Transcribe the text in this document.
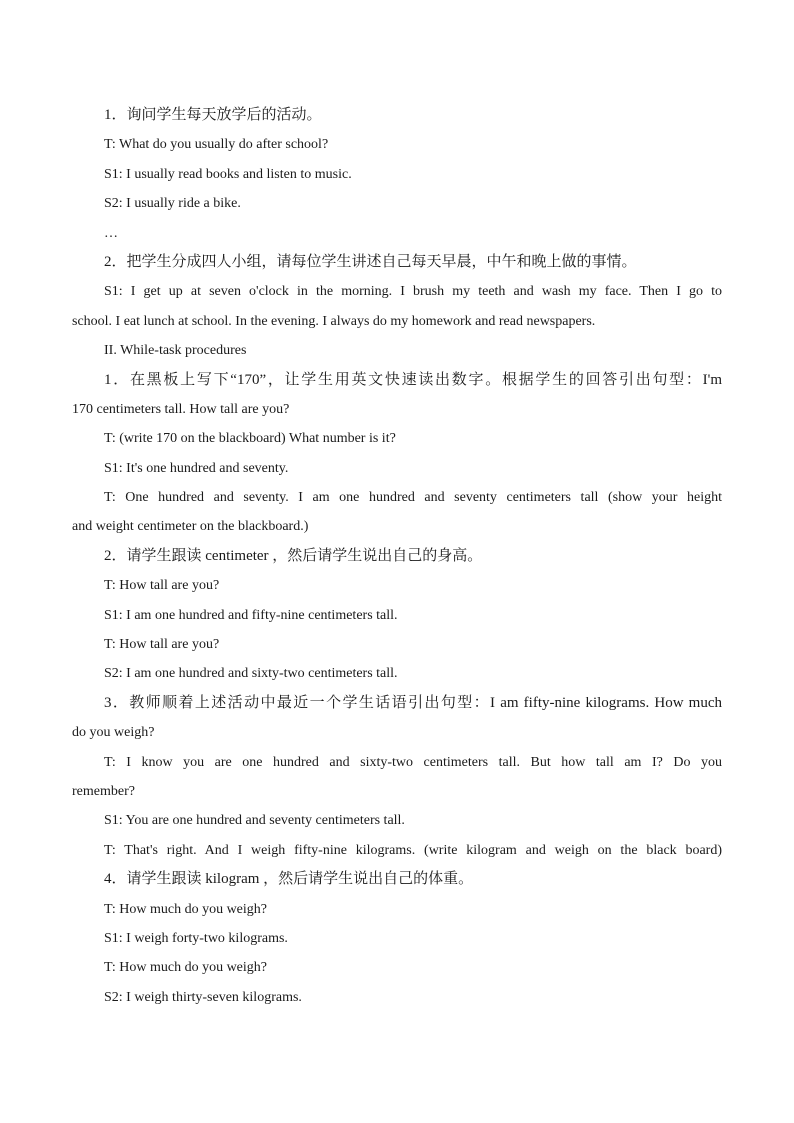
1．询问学生每天放学后的活动。
T: What do you usually do after school?
S1: I usually read books and listen to music.
S2: I usually ride a bike.
…
2．把学生分成四人小组，请每位学生讲述自己每天早晨，中午和晚上做的事情。
S1: I get up at seven o'clock in the morning. I brush my teeth and wash my face. Then I go to
school. I eat lunch at school. In the evening. I always do my homework and read newspapers.
II. While-task procedures
1．在黑板上写下“170”，让学生用英文快速读出数字。根据学生的回答引出句型：I'm
170 centimeters tall. How tall are you?
T: (write 170 on the blackboard) What number is it?
S1: It's one hundred and seventy.
T: One hundred and seventy. I am one hundred and seventy centimeters tall (show your height
and weight centimeter on the blackboard.)
2．请学生跟读 centimeter ，然后请学生说出自己的身高。
T: How tall are you?
S1: I am one hundred and fifty-nine centimeters tall.
T: How tall are you?
S2: I am one hundred and sixty-two centimeters tall.
3．教师顺着上述活动中最近一个学生话语引出句型：I am fifty-nine kilograms. How much
do you weigh?
T: I know you are one hundred and sixty-two centimeters tall. But how tall am I? Do you
remember?
S1: You are one hundred and seventy centimeters tall.
T: That's right. And I weigh fifty-nine kilograms. (write kilogram and weigh on the black board)
4．请学生跟读 kilogram ，然后请学生说出自己的体重。
T: How much do you weigh?
S1: I weigh forty-two kilograms.
T: How much do you weigh?
S2: I weigh thirty-seven kilograms.
